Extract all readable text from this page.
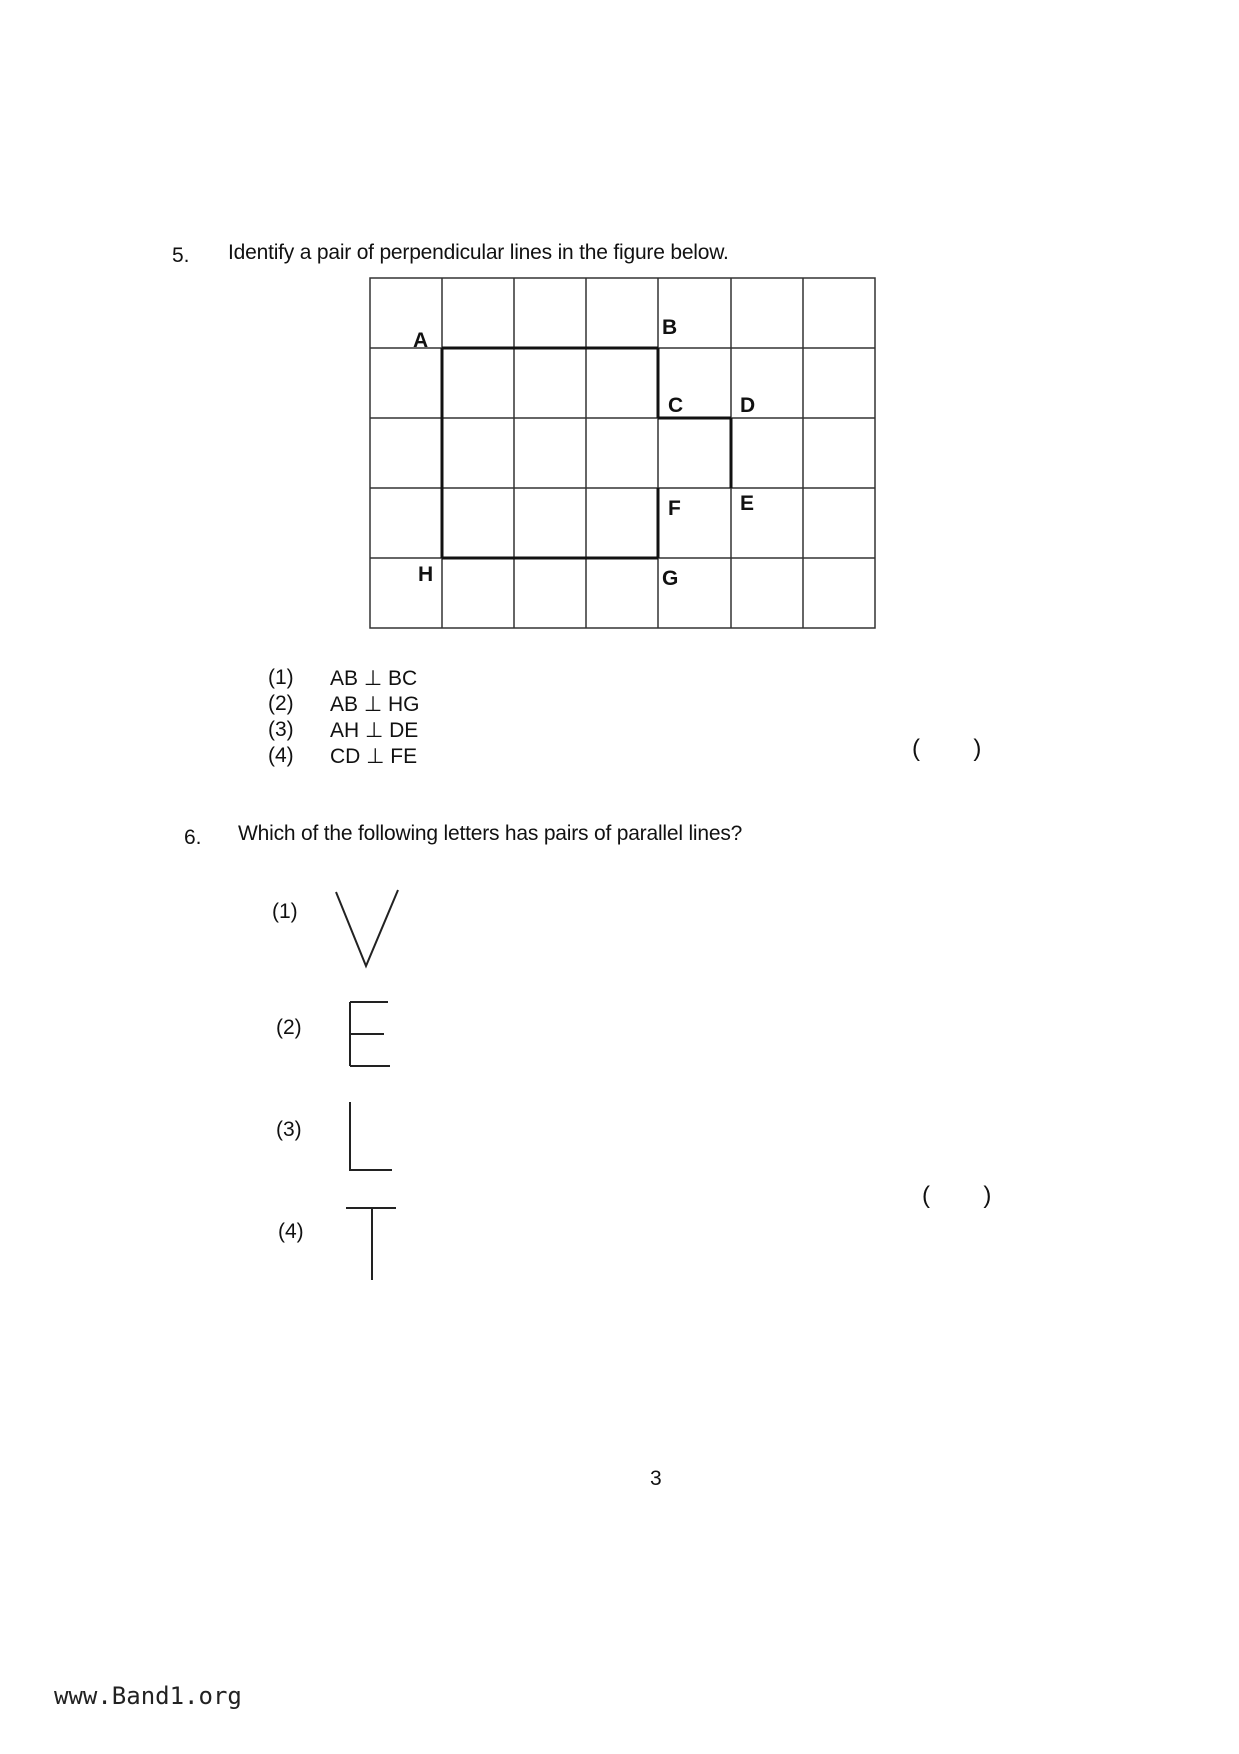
5. Identify a pair of perpendicular lines in the figure below.
A
B
C	D
E
F
G
H
(1) AB ⊥ BC
(2) AB ⊥ HG
(3) AH ⊥ DE
(4) CD ⊥ FE	(        )
6. Which of the following letters has pairs of parallel lines?
(1)
(2)
(3)
(4)
(        )
3
www.Band1.org
